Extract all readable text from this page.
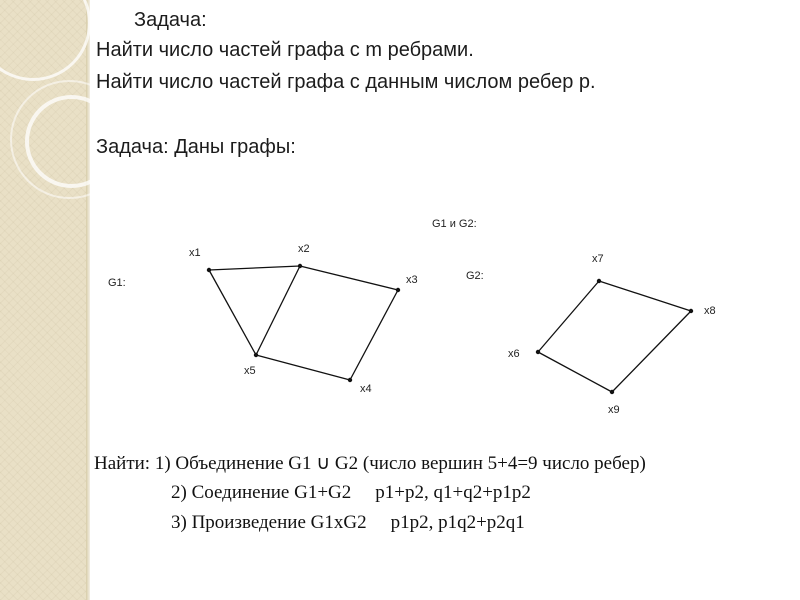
Задача:
Найти число частей графа с m ребрами.
Найти число частей графа с данным числом ребер р.
Задача: Даны графы:
G1 и G2:
G1:
G2:
x1	x2
x3
x4
x5
x6
x7
x8
x9
Найти: 1) Объединение G1 ∪ G2 (число вершин 5+4=9 число ребер)
2) Соединение G1+G2 p1+p2, q1+q2+p1p2
3) Произведение G1xG2 p1p2, p1q2+p2q1
